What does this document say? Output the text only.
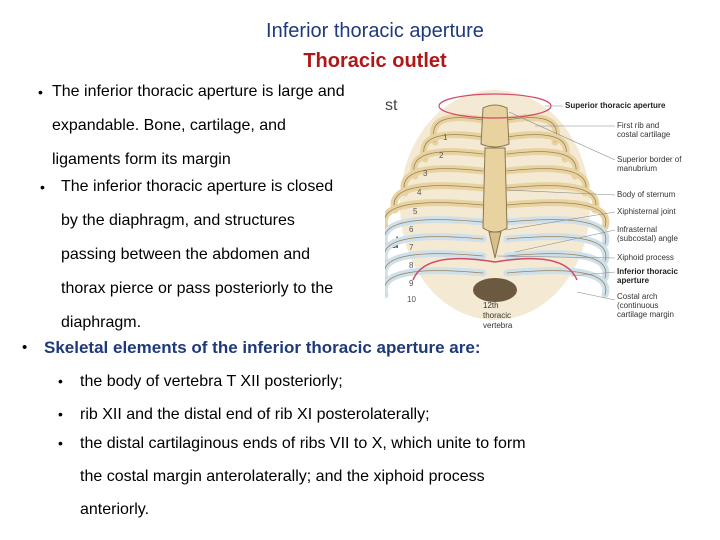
Inferior thoracic aperture
Thoracic outlet
• The inferior thoracic aperture is large and
expandable. Bone, cartilage, and
ligaments form its margin
• The inferior thoracic aperture is closed
by the diaphragm, and structures
passing between the abdomen and
thorax pierce or pass posteriorly to the
diaphragm.
• Skeletal elements of the inferior thoracic aperture are:
• the body of vertebra T XII posteriorly;
• rib XII and the distal end of rib XI posterolaterally;
• the distal cartilaginous ends of ribs VII to X, which unite to form
the costal margin anterolaterally; and the xiphoid process
anteriorly.
st
d
1
2
3
4
5
6
7
8
9
10
12th
thoracic
vertebra
Superior thoracic aperture
First rib and
costal cartilage
Superior border of
manubrium
Body of sternum
Xiphisternal joint
Infrasternal
(subcostal) angle
Xiphoid process
Inferior thoracic
aperture
Costal arch
(continuous
cartilage margin
